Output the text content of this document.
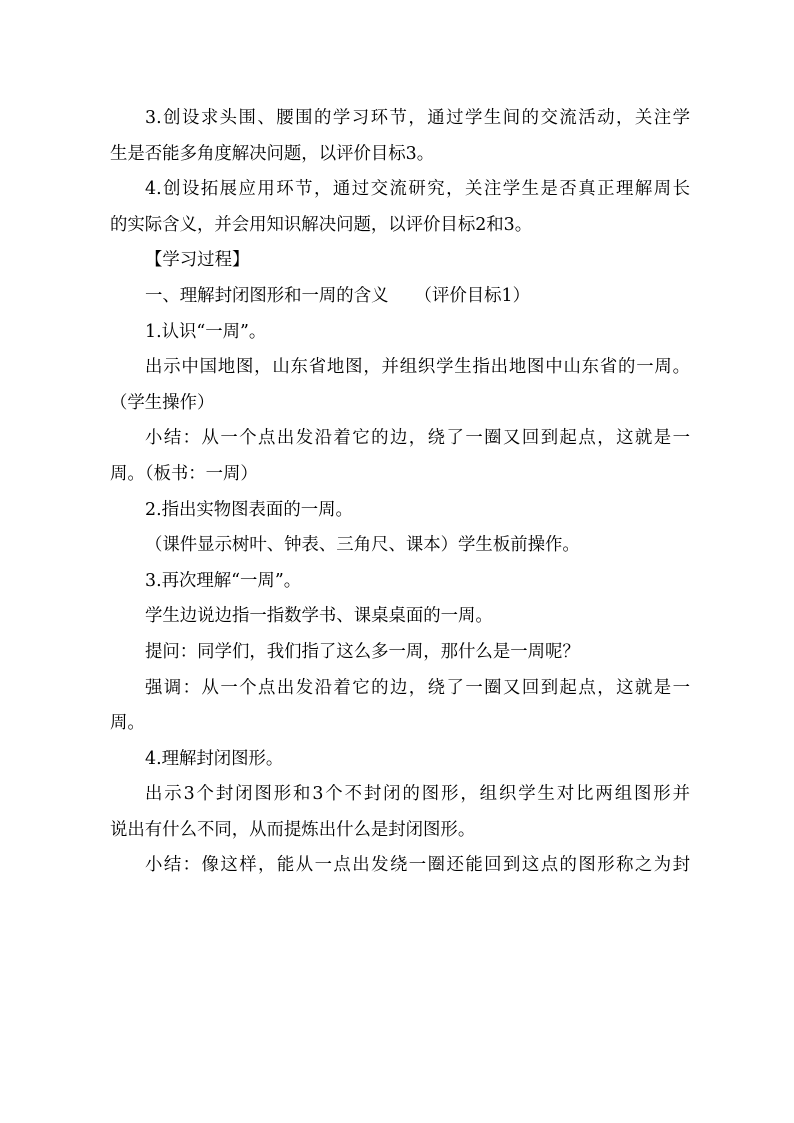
3.创设求头围、腰围的学习环节，通过学生间的交流活动，关注学
生是否能多角度解决问题，以评价目标3。
4.创设拓展应用环节，通过交流研究，关注学生是否真正理解周长
的实际含义，并会用知识解决问题，以评价目标2和3。
【学习过程】
一、理解封闭图形和一周的含义　　（评价目标1）
1.认识“一周”。
出示中国地图，山东省地图，并组织学生指出地图中山东省的一周。
（学生操作）
小结：从一个点出发沿着它的边，绕了一圈又回到起点，这就是一
周。（板书：一周）
2.指出实物图表面的一周。
（课件显示树叶、钟表、三角尺、课本）学生板前操作。
3.再次理解“一周”。
学生边说边指一指数学书、课桌桌面的一周。
提问：同学们，我们指了这么多一周，那什么是一周呢？
强调：从一个点出发沿着它的边，绕了一圈又回到起点，这就是一
周。
4.理解封闭图形。
出示3个封闭图形和3个不封闭的图形，组织学生对比两组图形并
说出有什么不同，从而提炼出什么是封闭图形。
小结：像这样，能从一点出发绕一圈还能回到这点的图形称之为封
